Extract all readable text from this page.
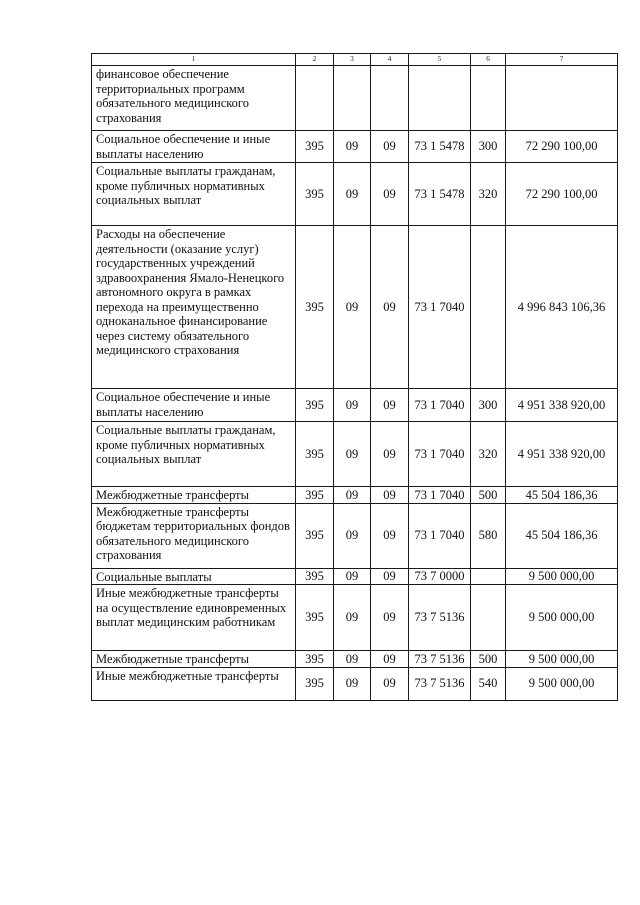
1	2	3	4	5	6	7
финансовое обеспечение территориальных программ обязательного медицинского страхования						
Социальное обеспечение и иные выплаты населению	395	09	09	73 1 5478	300	72 290 100,00
Социальные выплаты гражданам, кроме публичных нормативных социальных выплат	395	09	09	73 1 5478	320	72 290 100,00
Расходы на обеспечение деятельности (оказание услуг) государственных учреждений здравоохранения Ямало-Ненецкого автономного округа в рамках перехода на преимущественно одноканальное финансирование через систему обязательного медицинского страхования	395	09	09	73 1 7040		4 996 843 106,36
Социальное обеспечение и иные выплаты населению	395	09	09	73 1 7040	300	4 951 338 920,00
Социальные выплаты гражданам, кроме публичных нормативных социальных выплат	395	09	09	73 1 7040	320	4 951 338 920,00
Межбюджетные трансферты	395	09	09	73 1 7040	500	45 504 186,36
Межбюджетные трансферты бюджетам территориальных фондов обязательного медицинского страхования	395	09	09	73 1 7040	580	45 504 186,36
Социальные выплаты	395	09	09	73 7 0000		9 500 000,00
Иные межбюджетные трансферты на осуществление единовременных выплат медицинским работникам	395	09	09	73 7 5136		9 500 000,00
Межбюджетные трансферты	395	09	09	73 7 5136	500	9 500 000,00
Иные межбюджетные трансферты	395	09	09	73 7 5136	540	9 500 000,00
